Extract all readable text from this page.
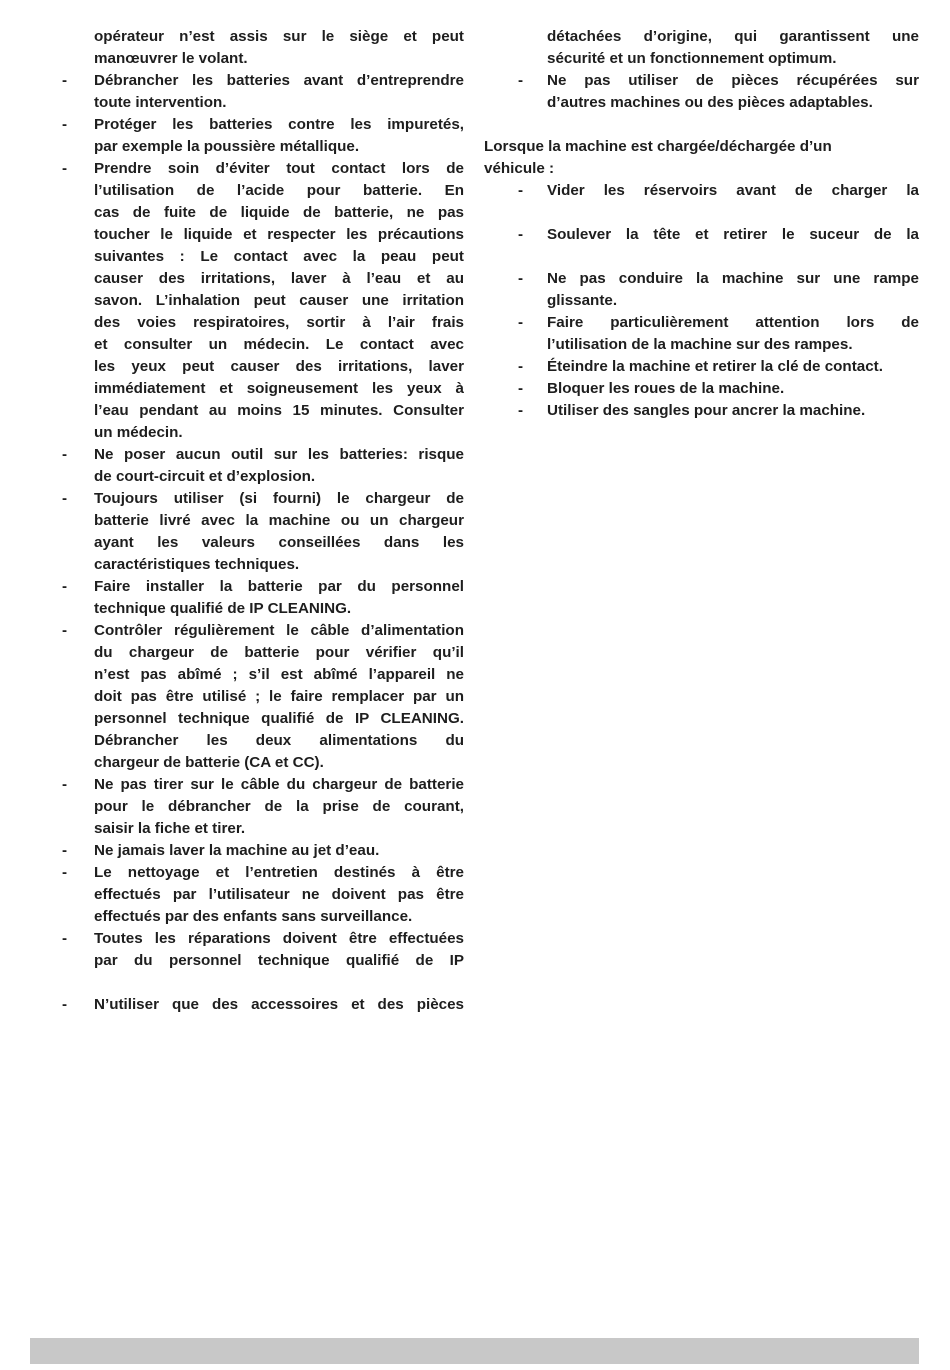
opérateur n’est assis sur le siège et peut
manœuvrer le volant.
-	Débrancher les batteries avant d’entreprendre
toute intervention.
-	Protéger les batteries contre les impuretés,
par exemple la poussière métallique.
-	Prendre soin d’éviter tout contact lors de
l’utilisation de l’acide pour batterie. En
cas de fuite de liquide de batterie, ne pas
toucher le liquide et respecter les précautions
suivantes : Le contact avec la peau peut
causer des irritations, laver à l’eau et au
savon. L’inhalation peut causer une irritation
des voies respiratoires, sortir à l’air frais
et consulter un médecin. Le contact avec
les yeux peut causer des irritations, laver
immédiatement et soigneusement les yeux à
l’eau pendant au moins 15 minutes. Consulter
un médecin.
-	Ne poser aucun outil sur les batteries: risque
de court-circuit et d’explosion.
-	Toujours utiliser (si fourni) le chargeur de
batterie livré avec la machine ou un chargeur
ayant les valeurs conseillées dans les
caractéristiques techniques.
-	Faire installer la batterie par du personnel
technique qualifié de IP CLEANING.
-	Contrôler régulièrement le câble d’alimentation
du chargeur de batterie pour vérifier qu’il
n’est pas abîmé ; s’il est abîmé l’appareil ne
doit pas être utilisé ; le faire remplacer par un
personnel technique qualifié de IP CLEANING.
Débrancher les deux alimentations du
chargeur de batterie (CA et CC).
-	Ne pas tirer sur le câble du chargeur de batterie
pour le débrancher de la prise de courant,
saisir la fiche et tirer.
-	Ne jamais laver la machine au jet d’eau.
-	Le nettoyage et l’entretien destinés à être
effectués par l’utilisateur ne doivent pas être
effectués par des enfants sans surveillance.
-	Toutes les réparations doivent être effectuées
par du personnel technique qualifié de IP
-	N’utiliser que des accessoires et des pièces
détachées d’origine, qui garantissent une
sécurité et un fonctionnement optimum.
-	Ne pas utiliser de pièces récupérées sur
d’autres machines ou des pièces adaptables.
Lorsque la machine est chargée/déchargée d’un
véhicule :
-	Vider les réservoirs avant de charger la
-	Soulever la tête et retirer le suceur de la
-	Ne pas conduire la machine sur une rampe
glissante.
-	Faire particulièrement attention lors de
l’utilisation de la machine sur des rampes.
-	Éteindre la machine et retirer la clé de contact.
-	Bloquer les roues de la machine.
-	Utiliser des sangles pour ancrer la machine.
